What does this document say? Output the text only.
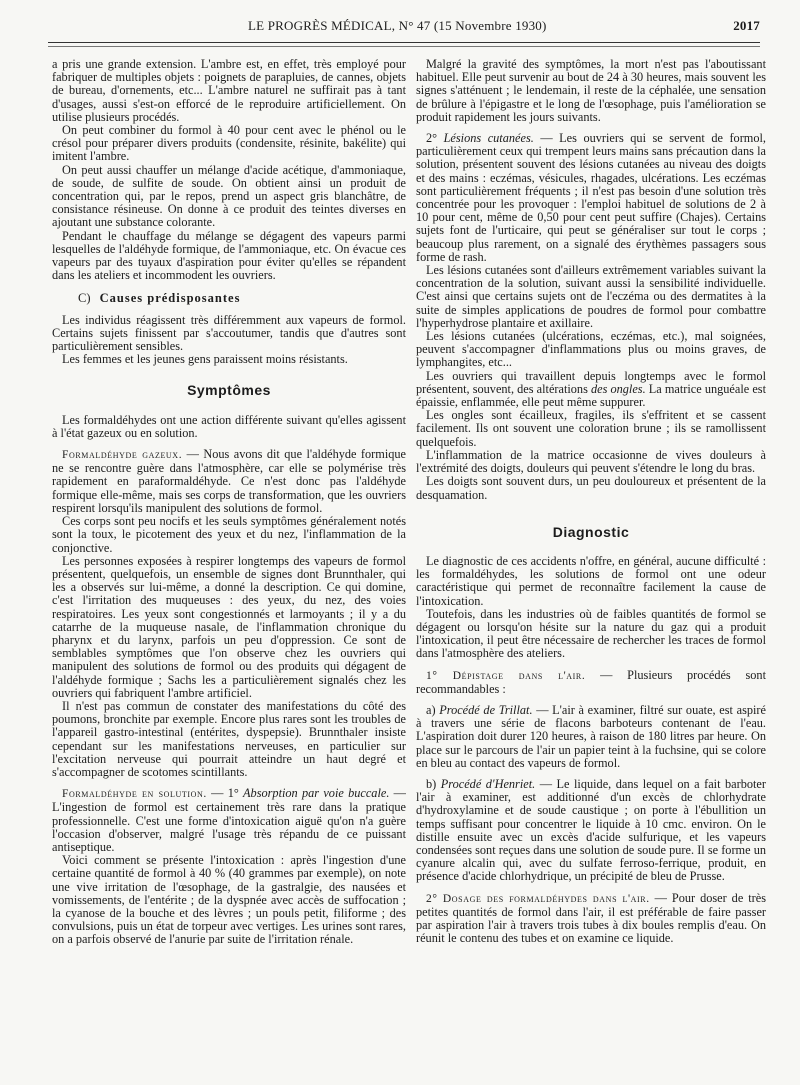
LE PROGRÈS MÉDICAL, N° 47 (15 Novembre 1930)	2017

a pris une grande extension. L'ambre est, en effet, très employé pour fabriquer de multiples objets : poignets de parapluies, de cannes, objets de bureau, d'ornements, etc... L'ambre naturel ne suffirait pas à tant d'usages, aussi s'est-on efforcé de le reproduire artificiellement. On utilise plusieurs procédés.

On peut combiner du formol à 40 pour cent avec le phénol ou le crésol pour préparer divers produits (condensite, résinite, bakélite) qui imitent l'ambre.

On peut aussi chauffer un mélange d'acide acétique, d'ammoniaque, de soude, de sulfite de soude. On obtient ainsi un produit de concentration qui, par le repos, prend un aspect gris blanchâtre, de consistance résineuse. On donne à ce produit des teintes diverses en ajoutant une substance colorante.

Pendant le chauffage du mélange se dégagent des vapeurs parmi lesquelles de l'aldéhyde formique, de l'ammoniaque, etc. On évacue ces vapeurs par des tuyaux d'aspiration pour éviter qu'elles se répandent dans les ateliers et incommodent les ouvriers.

C) Causes prédisposantes

Les individus réagissent très différemment aux vapeurs de formol. Certains sujets finissent par s'accoutumer, tandis que d'autres sont particulièrement sensibles.

Les femmes et les jeunes gens paraissent moins résistants.

Symptômes

Les formaldéhydes ont une action différente suivant qu'elles agissent à l'état gazeux ou en solution.

Formaldéhyde gazeux. — Nous avons dit que l'aldéhyde formique ne se rencontre guère dans l'atmosphère, car elle se polymérise très rapidement en paraformaldéhyde. Ce n'est donc pas l'aldéhyde formique elle-même, mais ses corps de transformation, que les ouvriers respirent lorsqu'ils manipulent des solutions de formol.

Ces corps sont peu nocifs et les seuls symptômes généralement notés sont la toux, le picotement des yeux et du nez, l'inflammation de la conjonctive.

Les personnes exposées à respirer longtemps des vapeurs de formol présentent, quelquefois, un ensemble de signes dont Brunnthaler, qui les a observés sur lui-même, a donné la description. Ce qui domine, c'est l'irritation des muqueuses : des yeux, du nez, des voies respiratoires. Les yeux sont congestionnés et larmoyants ; il y a du catarrhe de la muqueuse nasale, de l'inflammation chronique du pharynx et du larynx, parfois un peu d'oppression. Ce sont de semblables symptômes que l'on observe chez les ouvriers qui manipulent des solutions de formol ou des produits qui dégagent de l'aldéhyde formique ; Sachs les a particulièrement signalés chez les ouvriers qui fabriquent l'ambre artificiel.

Il n'est pas commun de constater des manifestations du côté des poumons, bronchite par exemple. Encore plus rares sont les troubles de l'appareil gastro-intestinal (entérites, dyspepsie). Brunnthaler insiste cependant sur les manifestations nerveuses, en particulier sur l'excitation nerveuse qui pourrait atteindre un haut degré et s'accompagner de scotomes scintillants.

Formaldéhyde en solution. — 1° Absorption par voie buccale. — L'ingestion de formol est certainement très rare dans la pratique professionnelle. C'est une forme d'intoxication aiguë qu'on n'a guère l'occasion d'observer, malgré l'usage très répandu de ce puissant antiseptique.

Voici comment se présente l'intoxication : après l'ingestion d'une certaine quantité de formol à 40 % (40 grammes par exemple), on note une vive irritation de l'œsophage, de la gastralgie, des nausées et vomissements, de l'entérite ; de la dyspnée avec accès de suffocation ; la cyanose de la bouche et des lèvres ; un pouls petit, filiforme ; des convulsions, puis un état de torpeur avec vertiges. Les urines sont rares, on a parfois observé de l'anurie par suite de l'irritation rénale.

Malgré la gravité des symptômes, la mort n'est pas l'aboutissant habituel. Elle peut survenir au bout de 24 à 30 heures, mais souvent les signes s'atténuent ; le lendemain, il reste de la céphalée, une sensation de brûlure à l'épigastre et le long de l'œsophage, puis l'amélioration se produit rapidement les jours suivants.

2° Lésions cutanées. — Les ouvriers qui se servent de formol, particulièrement ceux qui trempent leurs mains sans précaution dans la solution, présentent souvent des lésions cutanées au niveau des doigts et des mains : eczémas, vésicules, rhagades, ulcérations. Les eczémas sont particulièrement fréquents ; il n'est pas besoin d'une solution très concentrée pour les provoquer : l'emploi habituel de solutions de 2 à 10 pour cent, même de 0,50 pour cent peut suffire (Chajes). Certains sujets font de l'urticaire, qui peut se généraliser sur tout le corps ; beaucoup plus rarement, on a signalé des érythèmes passagers sous forme de rash.

Les lésions cutanées sont d'ailleurs extrêmement variables suivant la concentration de la solution, suivant aussi la sensibilité individuelle. C'est ainsi que certains sujets ont de l'eczéma ou des dermatites à la suite de simples applications de poudres de formol pour combattre l'hyperhydrose plantaire et axillaire.

Les lésions cutanées (ulcérations, eczémas, etc.), mal soignées, peuvent s'accompagner d'inflammations plus ou moins graves, de lymphangites, etc...

Les ouvriers qui travaillent depuis longtemps avec le formol présentent, souvent, des altérations des ongles. La matrice unguéale est épaissie, enflammée, elle peut même suppurer.

Les ongles sont écailleux, fragiles, ils s'effritent et se cassent facilement. Ils ont souvent une coloration brune ; ils se ramollissent quelquefois.

L'inflammation de la matrice occasionne de vives douleurs à l'extrémité des doigts, douleurs qui peuvent s'étendre le long du bras.

Les doigts sont souvent durs, un peu douloureux et présentent de la desquamation.

Diagnostic

Le diagnostic de ces accidents n'offre, en général, aucune difficulté : les formaldéhydes, les solutions de formol ont une odeur caractéristique qui permet de reconnaître facilement la cause de l'intoxication.

Toutefois, dans les industries où de faibles quantités de formol se dégagent ou lorsqu'on hésite sur la nature du gaz qui a produit l'intoxication, il peut être nécessaire de rechercher les traces de formol dans l'atmosphère des ateliers.

1° Dépistage dans l'air. — Plusieurs procédés sont recommandables :

a) Procédé de Trillat. — L'air à examiner, filtré sur ouate, est aspiré à travers une série de flacons barboteurs contenant de l'eau. L'aspiration doit durer 120 heures, à raison de 180 litres par heure. On place sur le parcours de l'air un papier teint à la fuchsine, qui se colore en bleu au contact des vapeurs de formol.

b) Procédé d'Henriet. — Le liquide, dans lequel on a fait barboter l'air à examiner, est additionné d'un excès de chlorhydrate d'hydroxylamine et de soude caustique ; on porte à l'ébullition un temps suffisant pour concentrer le liquide à 10 cmc. environ. On le distille ensuite avec un excès d'acide sulfurique, et les vapeurs condensées sont reçues dans une solution de soude pure. Il se forme un cyanure alcalin qui, avec du sulfate ferroso-ferrique, produit, en présence d'acide chlorhydrique, un précipité de bleu de Prusse.

2° Dosage des formaldéhydes dans l'air. — Pour doser de très petites quantités de formol dans l'air, il est préférable de faire passer par aspiration l'air à travers trois tubes à dix boules remplis d'eau. On réunit le contenu des tubes et on examine ce liquide.
